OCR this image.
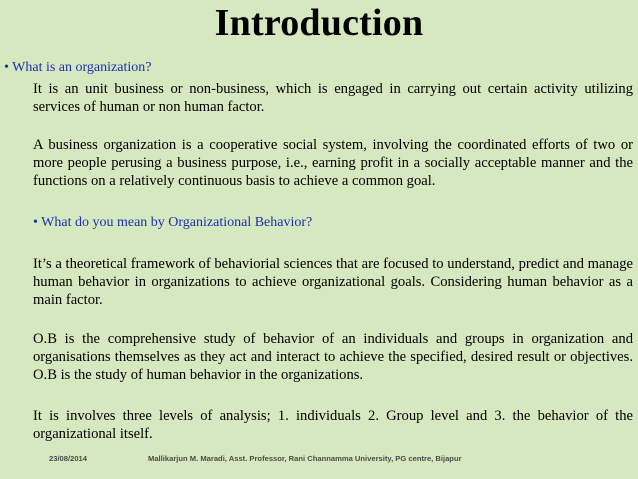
Introduction
• What is an organization?
It is an unit business or non-business, which is engaged in carrying out certain activity utilizing services of human or non human factor.
A business organization is a cooperative social system, involving the coordinated efforts of two or more people perusing a business purpose, i.e., earning profit in a socially acceptable manner and the functions on a relatively continuous basis to achieve a common goal.
• What do you mean by Organizational Behavior?
It’s a theoretical framework of behaviorial sciences that are focused to understand, predict and manage human behavior in organizations to achieve organizational goals. Considering human behavior as a main factor.
O.B is the comprehensive study of behavior of an individuals and groups in organization and organisations themselves as they act and interact to achieve the specified, desired result or objectives. O.B is the study of human behavior in the organizations.
It is involves three levels of analysis; 1. individuals 2. Group level and 3. the behavior of the organizational itself.
23/08/2014	Mallikarjun M. Maradi, Asst. Professor, Rani Channamma University, PG centre, Bijapur
